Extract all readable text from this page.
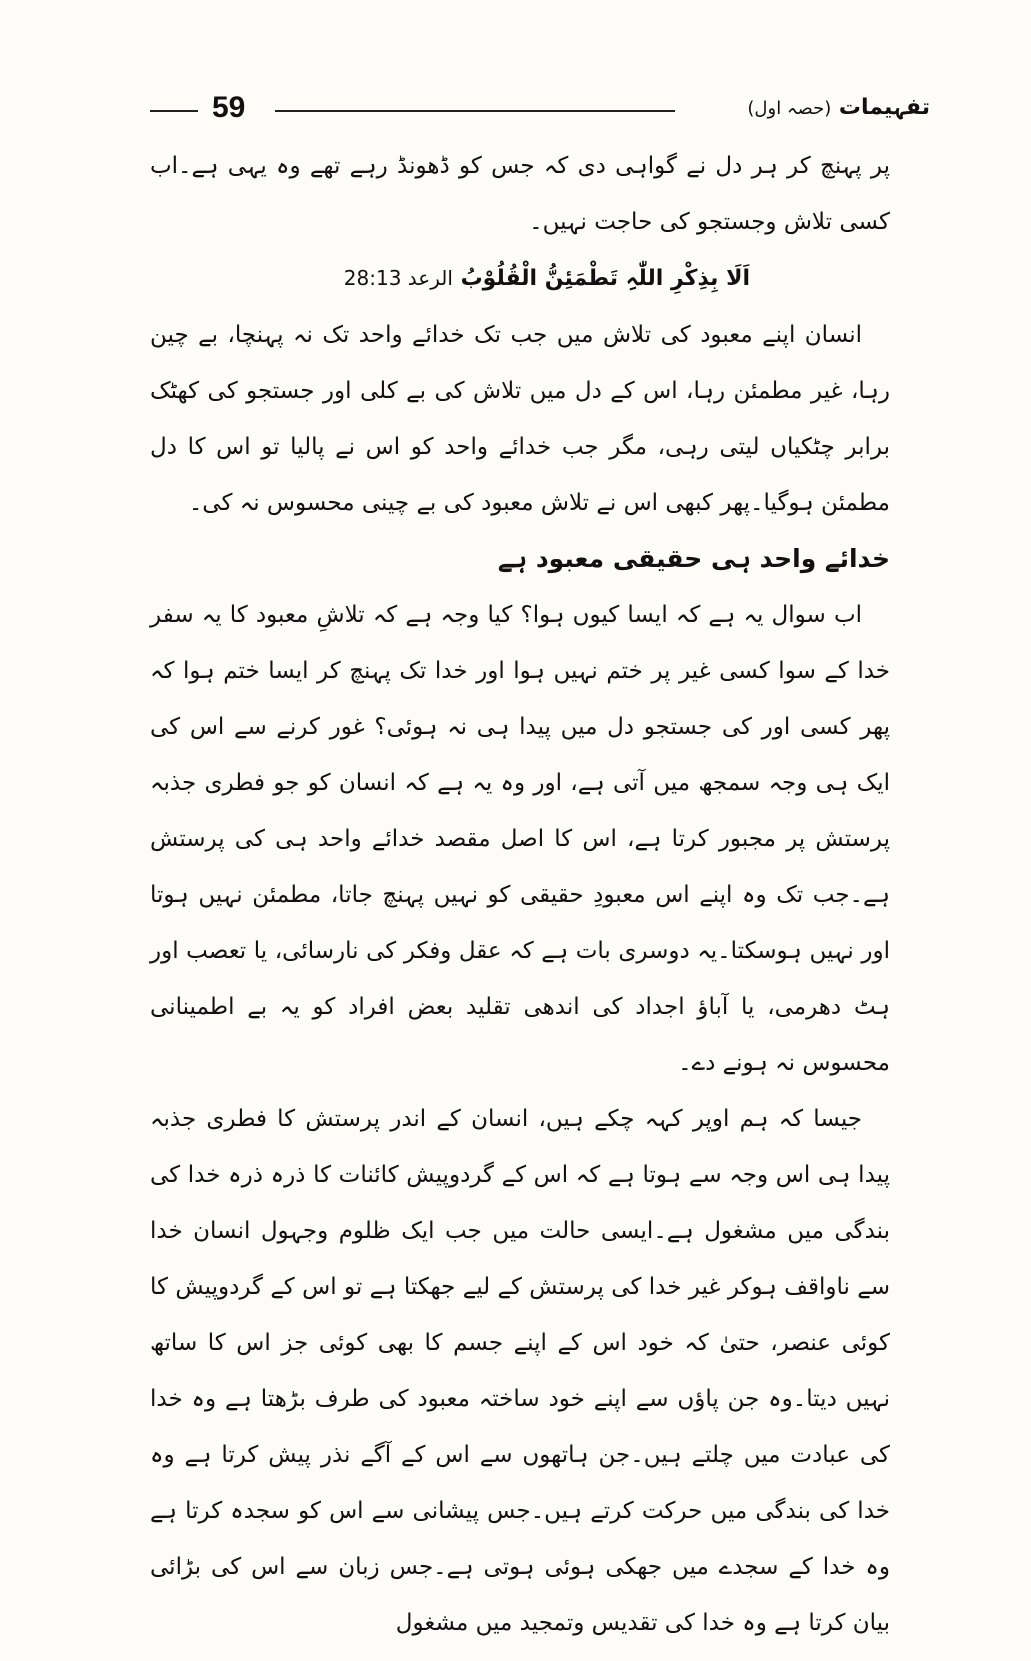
59	تفہیمات (حصہ اول)

پر پہنچ کر ہر دل نے گواہی دی کہ جس کو ڈھونڈ رہے تھے وہ یہی ہے۔اب کسی تلاش وجستجو کی حاجت نہیں۔

اَلَا بِذِکْرِ اللّٰہِ تَطْمَئِنُّ الْقُلُوْبُ الرعد 28:13

انسان اپنے معبود کی تلاش میں جب تک خدائے واحد تک نہ پہنچا، بے چین رہا، غیر مطمئن رہا، اس کے دل میں تلاش کی بے کلی اور جستجو کی کھٹک برابر چٹکیاں لیتی رہی، مگر جب خدائے واحد کو اس نے پالیا تو اس کا دل مطمئن ہوگیا۔پھر کبھی اس نے تلاش معبود کی بے چینی محسوس نہ کی۔

خدائے واحد ہی حقیقی معبود ہے

اب سوال یہ ہے کہ ایسا کیوں ہوا؟ کیا وجہ ہے کہ تلاشِ معبود کا یہ سفر خدا کے سوا کسی غیر پر ختم نہیں ہوا اور خدا تک پہنچ کر ایسا ختم ہوا کہ پھر کسی اور کی جستجو دل میں پیدا ہی نہ ہوئی؟ غور کرنے سے اس کی ایک ہی وجہ سمجھ میں آتی ہے، اور وہ یہ ہے کہ انسان کو جو فطری جذبہ پرستش پر مجبور کرتا ہے، اس کا اصل مقصد خدائے واحد ہی کی پرستش ہے۔جب تک وہ اپنے اس معبودِ حقیقی کو نہیں پہنچ جاتا، مطمئن نہیں ہوتا اور نہیں ہوسکتا۔یہ دوسری بات ہے کہ عقل وفکر کی نارسائی، یا تعصب اور ہٹ دھرمی، یا آباؤ اجداد کی اندھی تقلید بعض افراد کو یہ بے اطمینانی محسوس نہ ہونے دے۔

جیسا کہ ہم اوپر کہہ چکے ہیں، انسان کے اندر پرستش کا فطری جذبہ پیدا ہی اس وجہ سے ہوتا ہے کہ اس کے گردوپیش کائنات کا ذرہ ذرہ خدا کی بندگی میں مشغول ہے۔ایسی حالت میں جب ایک ظلوم وجہول انسان خدا سے ناواقف ہوکر غیر خدا کی پرستش کے لیے جھکتا ہے تو اس کے گردوپیش کا کوئی عنصر، حتیٰ کہ خود اس کے اپنے جسم کا بھی کوئی جز اس کا ساتھ نہیں دیتا۔وہ جن پاؤں سے اپنے خود ساختہ معبود کی طرف بڑھتا ہے وہ خدا کی عبادت میں چلتے ہیں۔جن ہاتھوں سے اس کے آگے نذر پیش کرتا ہے وہ خدا کی بندگی میں حرکت کرتے ہیں۔جس پیشانی سے اس کو سجدہ کرتا ہے وہ خدا کے سجدے میں جھکی ہوئی ہوتی ہے۔جس زبان سے اس کی بڑائی بیان کرتا ہے وہ خدا کی تقدیس وتمجید میں مشغول
